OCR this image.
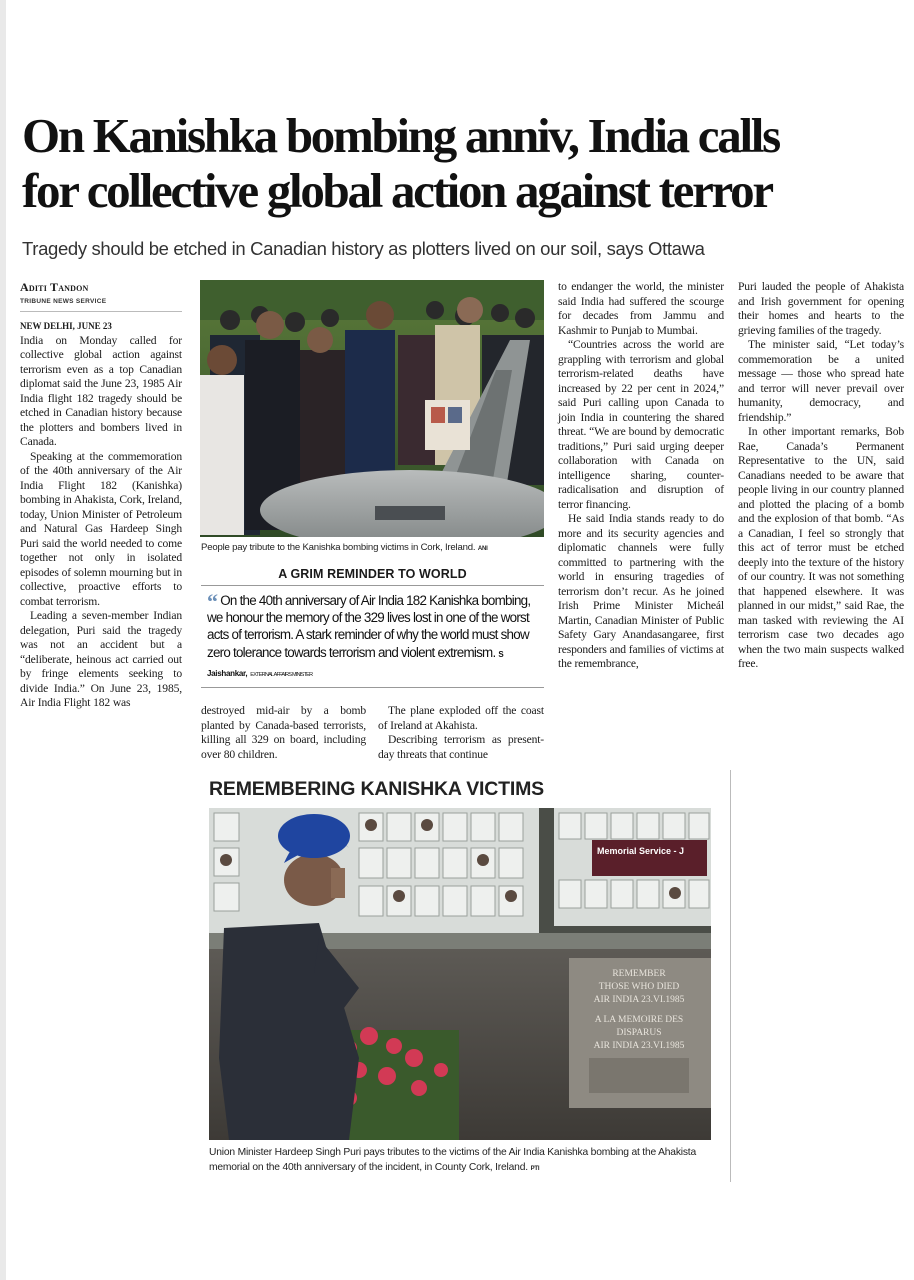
On Kanishka bombing anniv, India calls
for collective global action against terror
Tragedy should be etched in Canadian history as plotters lived on our soil, says Ottawa
Aditi Tandon
TRIBUNE NEWS SERVICE

NEW DELHI, JUNE 23
India on Monday called for collective global action against terrorism even as a top Canadian diplomat said the June 23, 1985 Air India flight 182 tragedy should be etched in Canadian history because the plotters and bombers lived in Canada.

Speaking at the commemoration of the 40th anniversary of the Air India Flight 182 (Kanishka) bombing in Ahakista, Cork, Ireland, today, Union Minister of Petroleum and Natural Gas Hardeep Singh Puri said the world needed to come together not only in isolated episodes of solemn mourning but in collective, proactive efforts to combat terrorism.

Leading a seven-member Indian delegation, Puri said the tragedy was not an accident but a “deliberate, heinous act carried out by fringe elements seeking to divide India.” On June 23, 1985, Air India Flight 182 was

People pay tribute to the Kanishka bombing victims in Cork, Ireland. ANI
A GRIM REMINDER TO WORLD
“ On the 40th anniversary of Air India 182 Kanishka bombing, we honour the memory of the 329 lives lost in one of the worst acts of terrorism. A stark reminder of why the world must show zero tolerance towards terrorism and violent extremism. S Jaishankar, EXTERNAL AFFAIRS MINISTER

destroyed mid-air by a bomb planted by Canada-based terrorists, killing all 329 on board, including over 80 children.

The plane exploded off the coast of Ireland at Akahista.

Describing terrorism as present-day threats that continue

to endanger the world, the minister said India had suffered the scourge for decades from Jammu and Kashmir to Punjab to Mumbai.

“Countries across the world are grappling with terrorism and global terrorism-related deaths have increased by 22 per cent in 2024,” said Puri calling upon Canada to join India in countering the shared threat. “We are bound by democratic traditions,” Puri said urging deeper collaboration with Canada on intelligence sharing, counter-radicalisation and disruption of terror financing.

He said India stands ready to do more and its security agencies and diplomatic channels were fully committed to partnering with the world in ensuring tragedies of terrorism don’t recur. As he joined Irish Prime Minister Micheál Martin, Canadian Minister of Public Safety Gary Anandasangaree, first responders and families of victims at the remembrance,

Puri lauded the people of Ahakista and Irish government for opening their homes and hearts to the grieving families of the tragedy.

The minister said, “Let today’s commemoration be a united message — those who spread hate and terror will never prevail over humanity, democracy, and friendship.”

In other important remarks, Bob Rae, Canada’s Permanent Representative to the UN, said Canadians needed to be aware that people living in our country planned and plotted the placing of a bomb and the explosion of that bomb. “As a Canadian, I feel so strongly that this act of terror must be etched deeply into the texture of the history of our country. It was not something that happened elsewhere. It was planned in our midst,” said Rae, the man tasked with reviewing the AI terrorism case two decades ago when the two main suspects walked free.

REMEMBERING KANISHKA VICTIMS
Memorial Service - J
REMEMBER
THOSE WHO DIED
AIR INDIA 23.VI.1985
A LA MEMOIRE DES
DISPARUS
AIR INDIA 23.VI.1985
Union Minister Hardeep Singh Puri pays tributes to the victims of the Air India Kanishka bombing at the Ahakista memorial on the 40th anniversary of the incident, in County Cork, Ireland. PTI
